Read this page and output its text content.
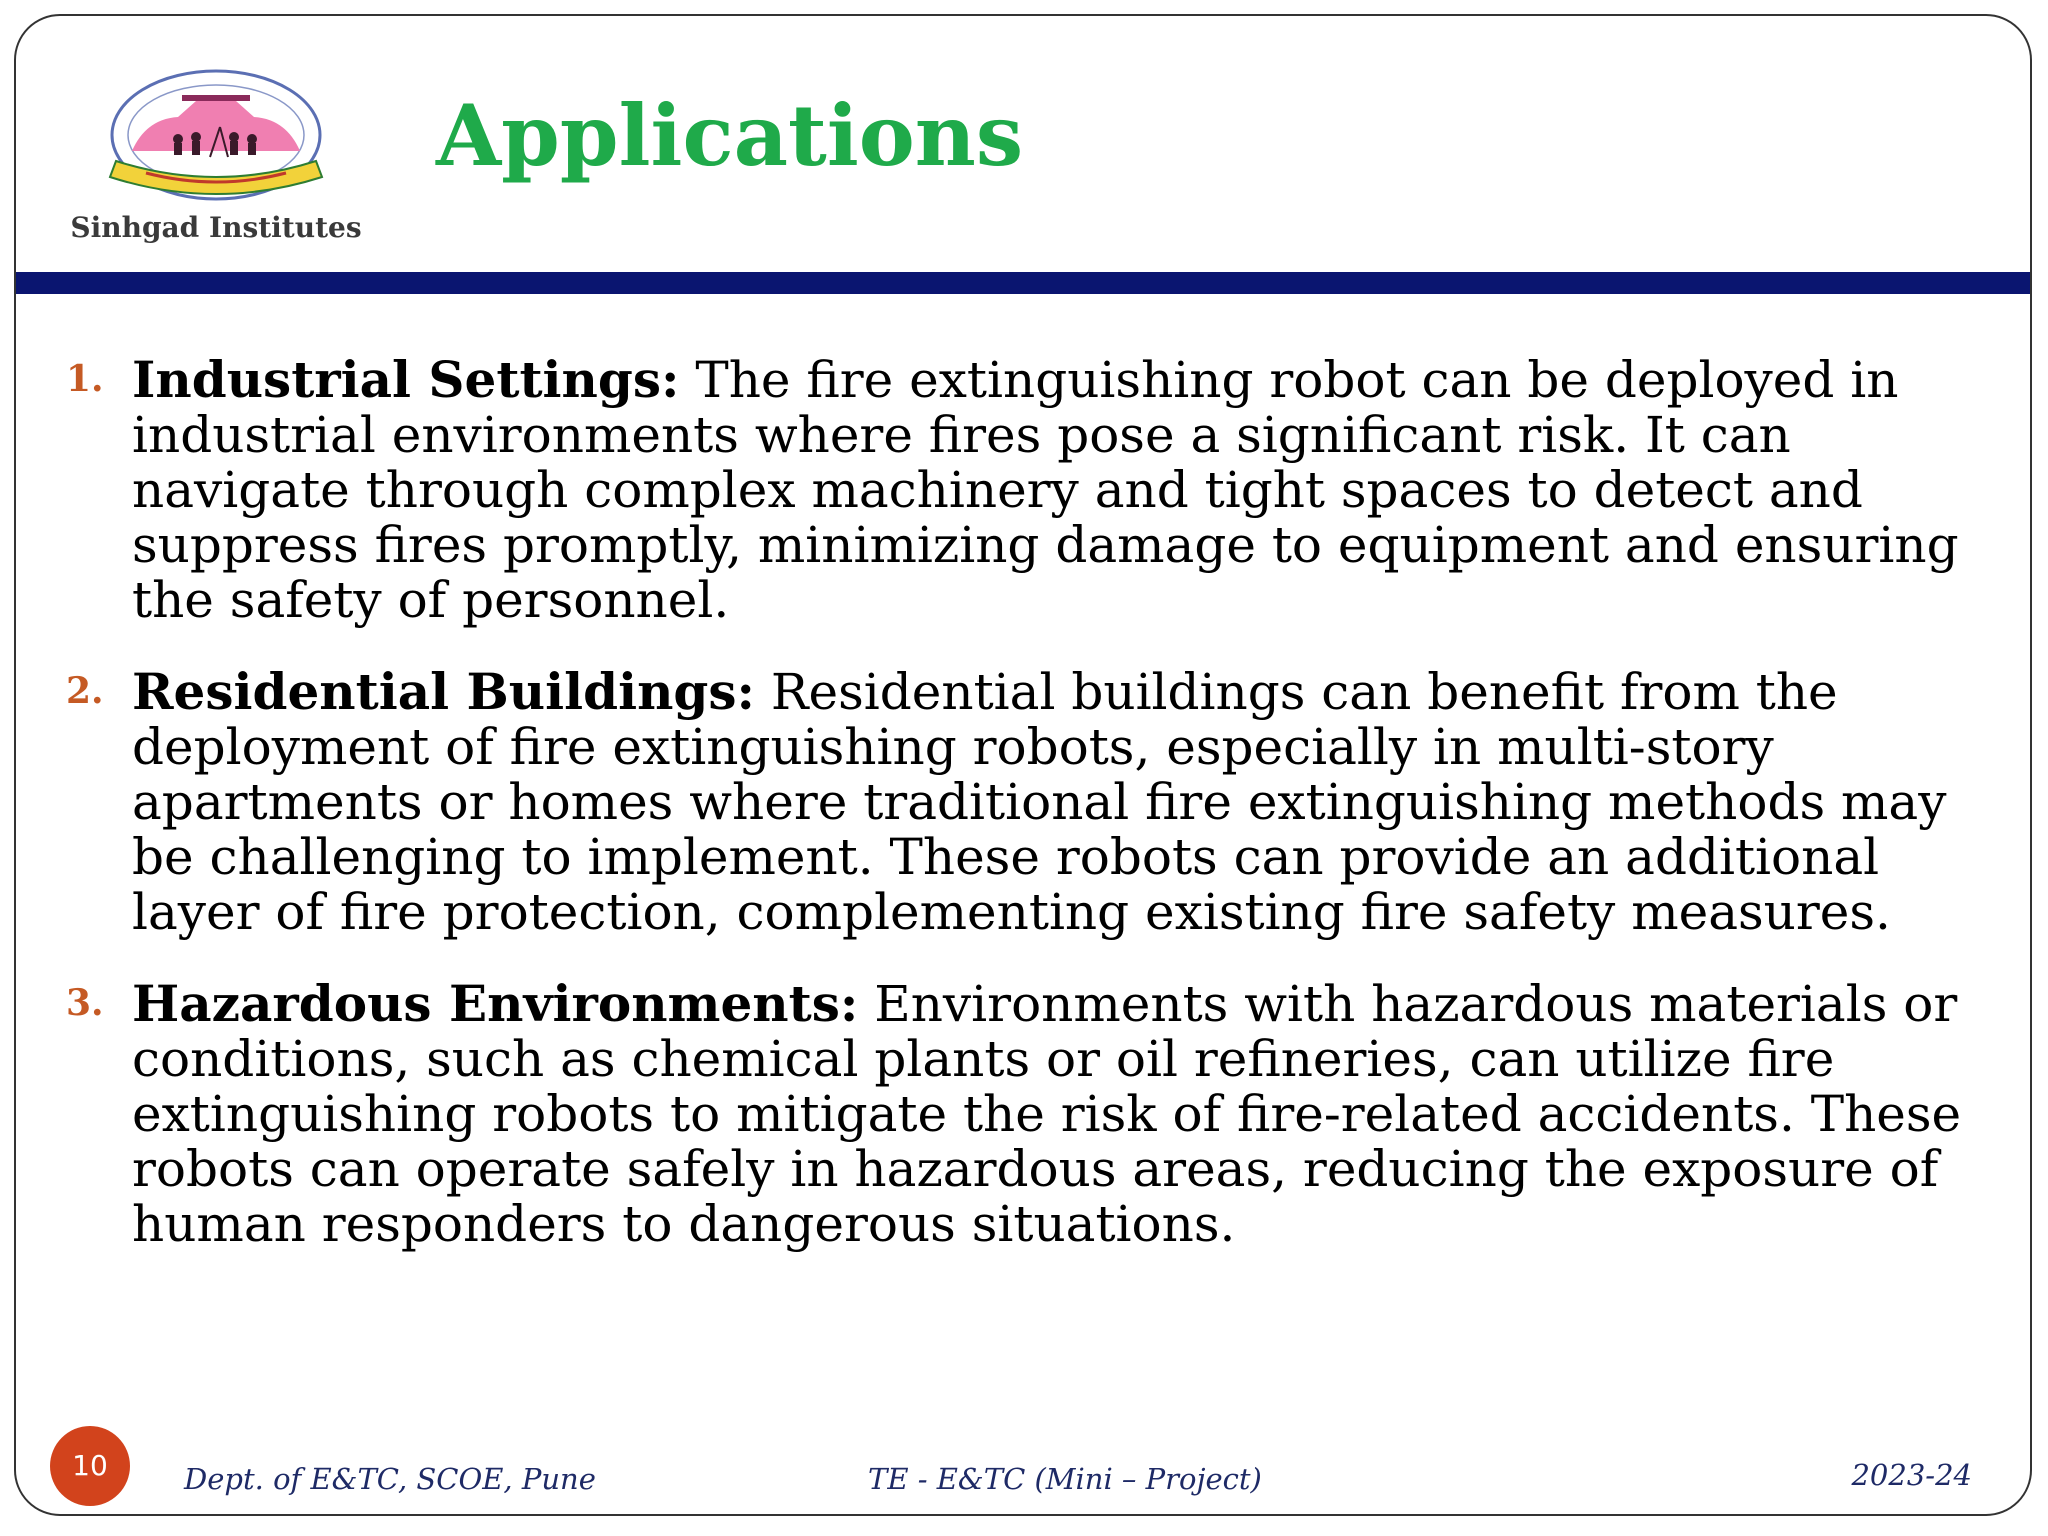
Sinhgad Institutes
Applications
1. Industrial Settings: The fire extinguishing robot can be deployed in industrial environments where fires pose a significant risk. It can navigate through complex machinery and tight spaces to detect and suppress fires promptly, minimizing damage to equipment and ensuring the safety of personnel.
2. Residential Buildings: Residential buildings can benefit from the deployment of fire extinguishing robots, especially in multi-story apartments or homes where traditional fire extinguishing methods may be challenging to implement. These robots can provide an additional layer of fire protection, complementing existing fire safety measures.
3. Hazardous Environments: Environments with hazardous materials or conditions, such as chemical plants or oil refineries, can utilize fire extinguishing robots to mitigate the risk of fire-related accidents. These robots can operate safely in hazardous areas, reducing the exposure of human responders to dangerous situations.
10	Dept. of E&TC, SCOE, Pune	TE - E&TC (Mini – Project)	2023-24
